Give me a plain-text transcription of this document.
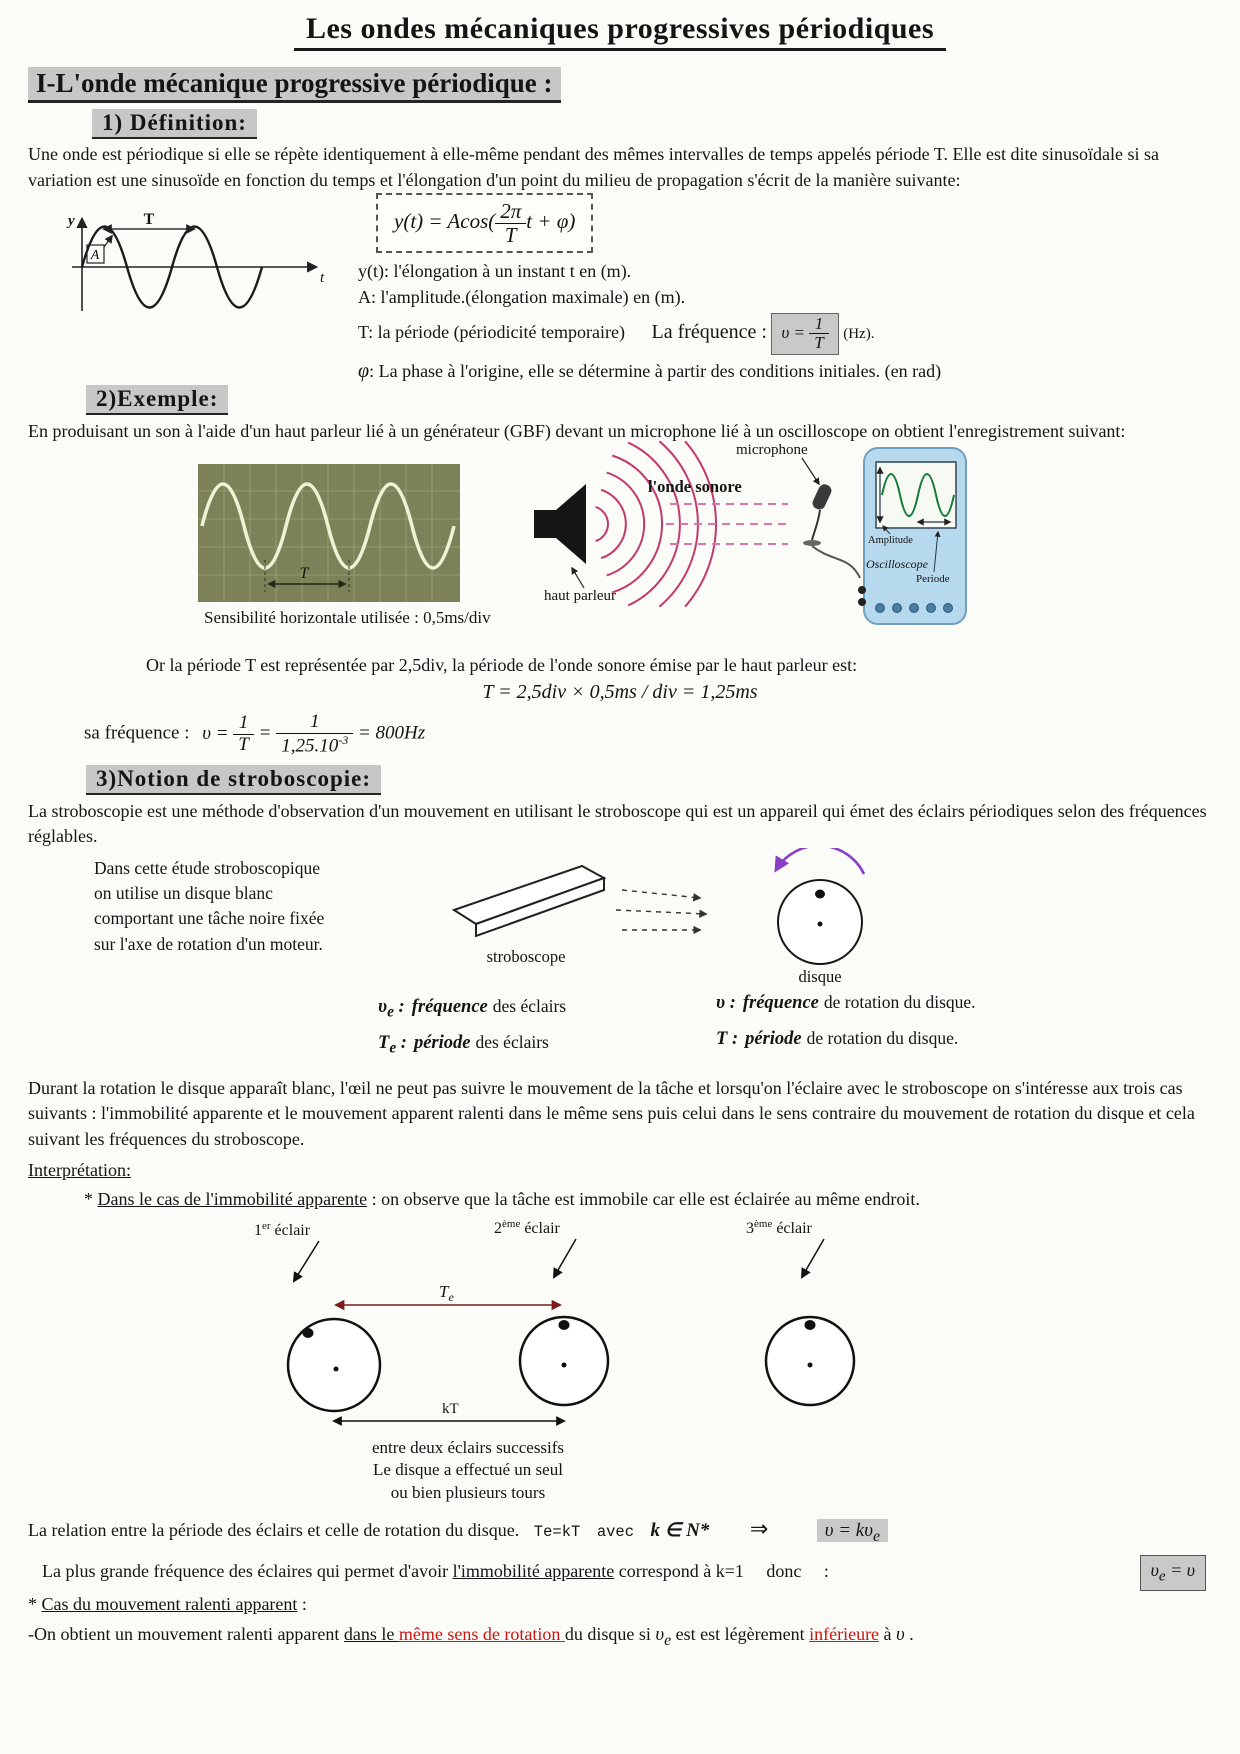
Les ondes mécaniques progressives périodiques
I-L'onde mécanique progressive périodique :
1) Définition:

Une onde est périodique si elle se répète identiquement à elle-même pendant des mêmes intervalles de temps appelés période T. Elle est dite sinusoïdale si sa variation est une sinusoïde en fonction du temps et l'élongation d'un point du milieu de propagation s'écrit de la manière suivante:

T
A
y
t
$y(t) = Acos( \frac{2\pi}{T}$ t + φ)
y(t): l'élongation à un instant t en (m).
A: l'amplitude.(élongation maximale) en (m).
T: la période (périodicité temporaire) La fréquence : $\upsilon = \frac{1}{T} (Hz)$.
φ: La phase à l'origine, elle se détermine à partir des conditions initiales. (en rad)
2)Exemple:

En produisant un son à l'aide d'un haut parleur lié à un générateur (GBF) devant un microphone lié à un oscilloscope on obtient l'enregistrement suivant:

T
l'onde sonore
microphone
haut parleur
Amplitude
Oscilloscope
Periode
Sensibilité horizontale utilisée : 0,5ms/div

Or la période T est représentée par 2,5div, la période de l'onde sonore émise par le haut parleur est:

T = 2,5div × 0,5ms / div = 1,25ms
sa fréquence : $\upsilon = \frac{1}{T} = \frac{1}{1,25.10^{-3}} = 800Hz$
3)Notion de stroboscopie:

La stroboscopie est une méthode d'observation d'un mouvement en utilisant le stroboscope qui est un appareil qui émet des éclairs périodiques selon des fréquences réglables.

Dans cette étude stroboscopique
on utilise un disque blanc
comportant une tâche noire fixée
sur l'axe de rotation d'un moteur.
stroboscope
disque
$\upsilon_e$ : fréquence des éclairs	υ : fréquence de rotation du disque.
$T_e$ : période des éclairs	T : période de rotation du disque.

Durant la rotation le disque apparaît blanc, l'œil ne peut pas suivre le mouvement de la tâche et lorsqu'on l'éclaire avec le stroboscope on s'intéresse aux trois cas suivants : l'immobilité apparente et le mouvement apparent ralenti dans le même sens puis celui dans le sens contraire du mouvement de rotation du disque et cela suivant les fréquences du stroboscope.

Interprétation:

* Dans le cas de l'immobilité apparente : on observe que la tâche est immobile car elle est éclairée au même endroit.

1er éclair	2ème éclair	3ème éclair
$T_e$
kT
entre deux éclairs successifs
Le disque a effectué un seul
ou bien plusieurs tours

La relation entre la période des éclairs et celle de rotation du disque. Te=kT avec k ∈ N* ⇒	$\upsilon = k\upsilon_e$

La plus grande fréquence des éclaires qui permet d'avoir l'immobilité apparente correspond à k=1 donc :	$\upsilon_e = \upsilon$

* Cas du mouvement ralenti apparent :

-On obtient un mouvement ralenti apparent dans le même sens de rotation du disque si $\upsilon_e$ est est légèrement inférieure à υ .
